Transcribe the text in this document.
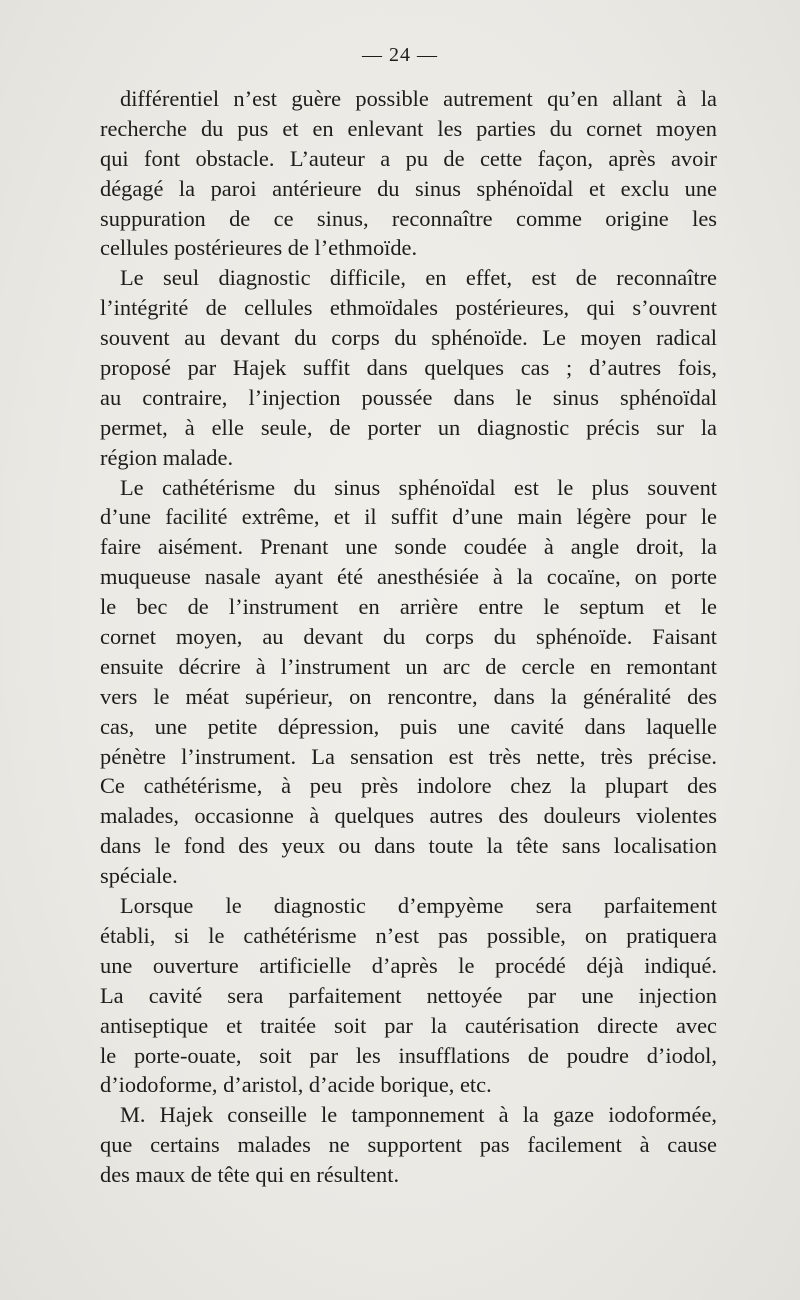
— 24 —

différentiel n’est guère possible autrement qu’en allant à la
recherche du pus et en enlevant les parties du cornet moyen
qui font obstacle. L’auteur a pu de cette façon, après avoir
dégagé la paroi antérieure du sinus sphénoïdal et exclu une
suppuration de ce sinus, reconnaître comme origine les
cellules postérieures de l’ethmoïde.

Le seul diagnostic difficile, en effet, est de reconnaître
l’intégrité de cellules ethmoïdales postérieures, qui s’ouvrent
souvent au devant du corps du sphénoïde. Le moyen radical
proposé par Hajek suffit dans quelques cas ; d’autres fois,
au contraire, l’injection poussée dans le sinus sphénoïdal
permet, à elle seule, de porter un diagnostic précis sur la
région malade.

Le cathétérisme du sinus sphénoïdal est le plus souvent
d’une facilité extrême, et il suffit d’une main légère pour le
faire aisément. Prenant une sonde coudée à angle droit, la
muqueuse nasale ayant été anesthésiée à la cocaïne, on porte
le bec de l’instrument en arrière entre le septum et le
cornet moyen, au devant du corps du sphénoïde. Faisant
ensuite décrire à l’instrument un arc de cercle en remontant
vers le méat supérieur, on rencontre, dans la généralité des
cas, une petite dépression, puis une cavité dans laquelle
pénètre l’instrument. La sensation est très nette, très précise.
Ce cathétérisme, à peu près indolore chez la plupart des
malades, occasionne à quelques autres des douleurs violentes
dans le fond des yeux ou dans toute la tête sans localisation
spéciale.

Lorsque le diagnostic d’empyème sera parfaitement
établi, si le cathétérisme n’est pas possible, on pratiquera
une ouverture artificielle d’après le procédé déjà indiqué.
La cavité sera parfaitement nettoyée par une injection
antiseptique et traitée soit par la cautérisation directe avec
le porte-ouate, soit par les insufflations de poudre d’iodol,
d’iodoforme, d’aristol, d’acide borique, etc.

M. Hajek conseille le tamponnement à la gaze iodoformée,
que certains malades ne supportent pas facilement à cause
des maux de tête qui en résultent.
